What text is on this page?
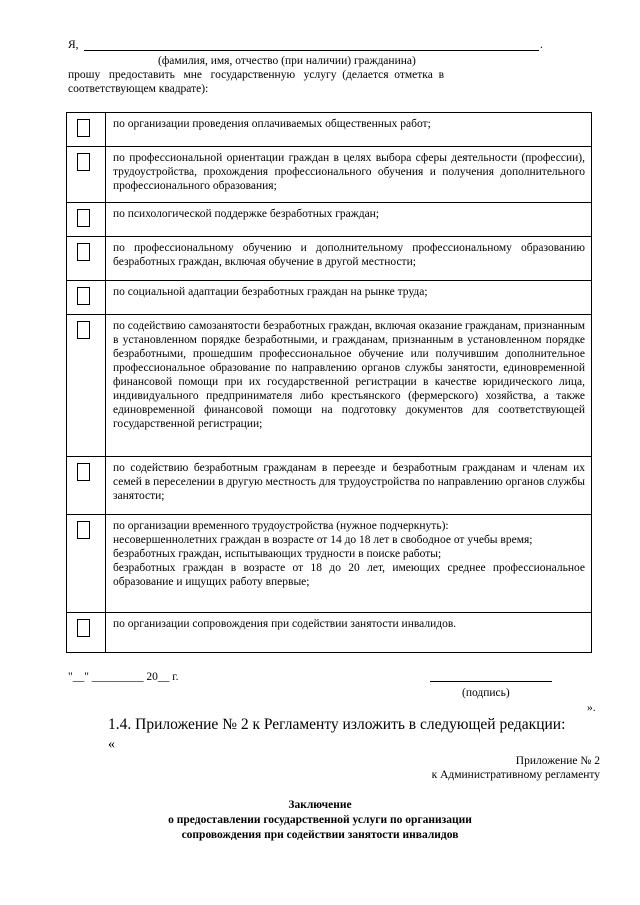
Я,	.
(фамилия, имя, отчество (при наличии) гражданина)
прошу   предоставить   мне   государственную   услугу  (делается  отметка  в
соответствующем квадрате):
	по организации проведения оплачиваемых общественных работ;

	по профессиональной ориентации граждан в целях выбора сферы деятельности (профессии), трудоустройства, прохождения профессионального обучения и получения дополнительного профессионального образования;

	по психологической поддержке безработных граждан;

	по профессиональному обучению и дополнительному профессиональному образованию безработных граждан, включая обучение в другой местности;

	по социальной адаптации безработных граждан на рынке труда;

	по содействию самозанятости безработных граждан, включая оказание гражданам, признанным в установленном порядке безработными, и гражданам, признанным в установленном порядке безработными, прошедшим профессиональное обучение или получившим дополнительное профессиональное образование по направлению органов службы занятости, единовременной финансовой помощи при их государственной регистрации в качестве юридического лица, индивидуального предпринимателя либо крестьянского (фермерского) хозяйства, а также единовременной финансовой помощи на подготовку документов для соответствующей государственной регистрации;

	по содействию безработным гражданам в переезде и безработным гражданам и членам их семей в переселении в другую местность для трудоустройства по направлению органов службы занятости;

	по организации временного трудоустройства (нужное подчеркнуть):
несовершеннолетних граждан в возрасте от 14 до 18 лет в свободное от учебы время;
безработных граждан, испытывающих трудности в поиске работы;
безработных граждан в возрасте от 18 до 20 лет, имеющих среднее профессиональное образование и ищущих работу впервые;

	по организации сопровождения при содействии занятости инвалидов.
"__" _________ 20__ г.
(подпись)
».
1.4. Приложение № 2 к Регламенту изложить в следующей редакции:
«
Приложение № 2
к Административному регламенту
Заключение
о предоставлении государственной услуги по организации
сопровождения при содействии занятости инвалидов
